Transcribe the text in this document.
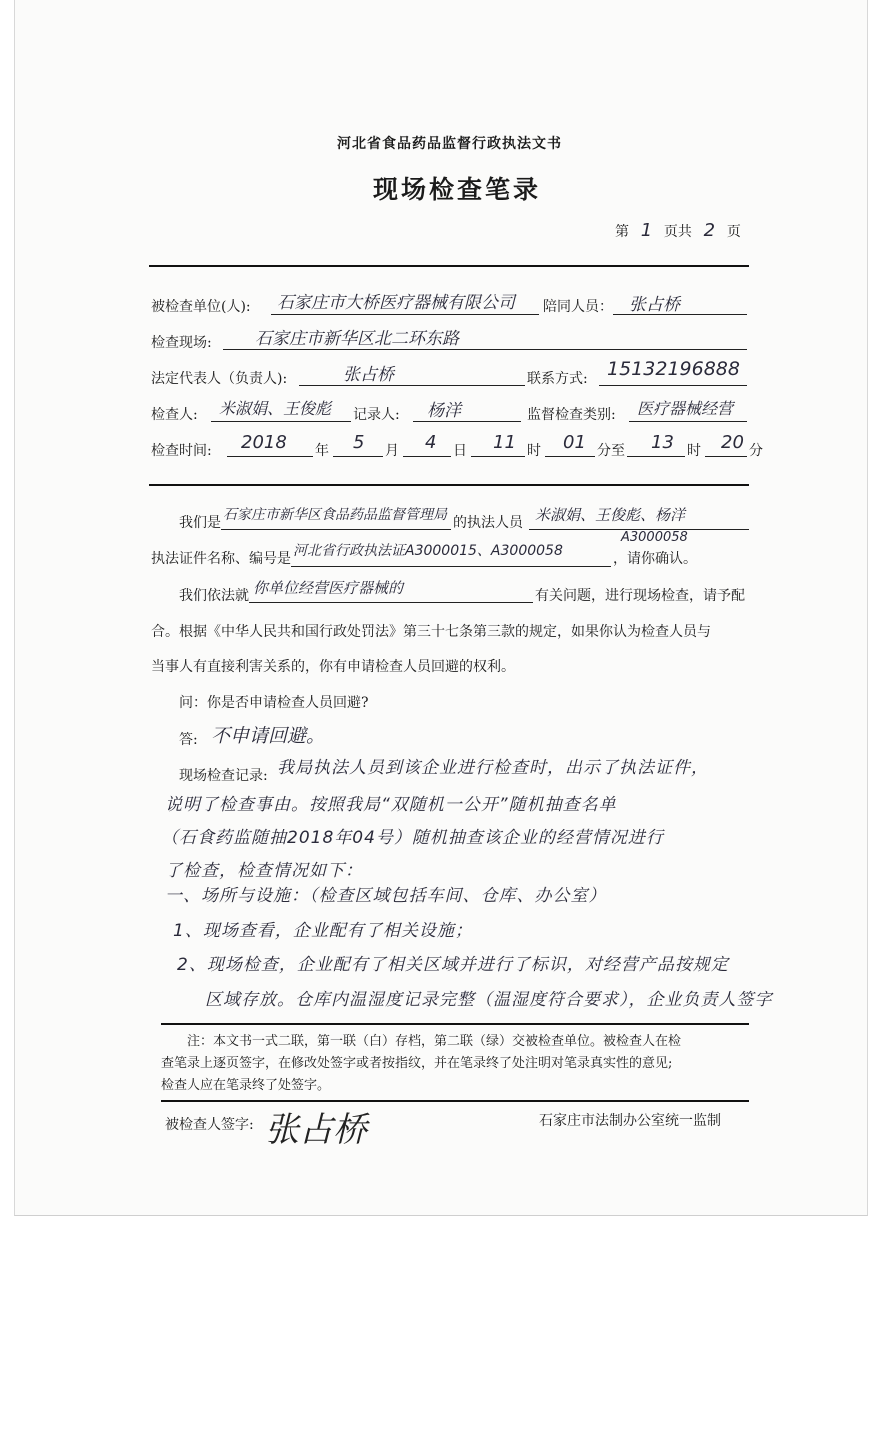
河北省食品药品监督行政执法文书
现场检查笔录
第 1 页共 2 页
被检查单位(人): 石家庄市大桥医疗器械有限公司 陪同人员： 张占桥
检查现场:	石家庄市新华区北二环东路
法定代表人（负责人):	张占桥	联系方式: 15132196888
检查人: 米淑娟、王俊彪 记录人: 杨洋	监督检查类别: 医疗器械经营
检查时间: 2018 年 5 月 4 日 11 时 01 分至 13 时 20 分
我们是 石家庄市新华区食品药品监督管理局 的执法人员 米淑娟、王俊彪、杨洋
执法证件名称、编号是 河北省行政执法证A3000015、A3000058
A3000058
，请你确认。
我们依法就 你单位经营医疗器械的	有关问题，进行现场检查，请予配
合。根据《中华人民共和国行政处罚法》第三十七条第三款的规定，如果你认为检查人员与
当事人有直接利害关系的，你有申请检查人员回避的权利。
问：你是否申请检查人员回避?
答: 不申请回避。
现场检查记录: 我局执法人员到该企业进行检查时，出示了执法证件，
说明了检查事由。按照我局“双随机一公开”随机抽查名单
（石食药监随抽2018年04号）随机抽查该企业的经营情况进行
了检查，检查情况如下：
一、场所与设施：（检查区域包括车间、仓库、办公室）
1、现场查看，企业配有了相关设施；
2、现场检查，企业配有了相关区域并进行了标识，对经营产品按规定
区域存放。仓库内温湿度记录完整（温湿度符合要求），企业负责人签字
注：本文书一式二联，第一联（白）存档，第二联（绿）交被检查单位。被检查人在检
查笔录上逐页签字，在修改处签字或者按指纹，并在笔录终了处注明对笔录真实性的意见;
检查人应在笔录终了处签字。
被检查人签字: 张占桥	石家庄市法制办公室统一监制
